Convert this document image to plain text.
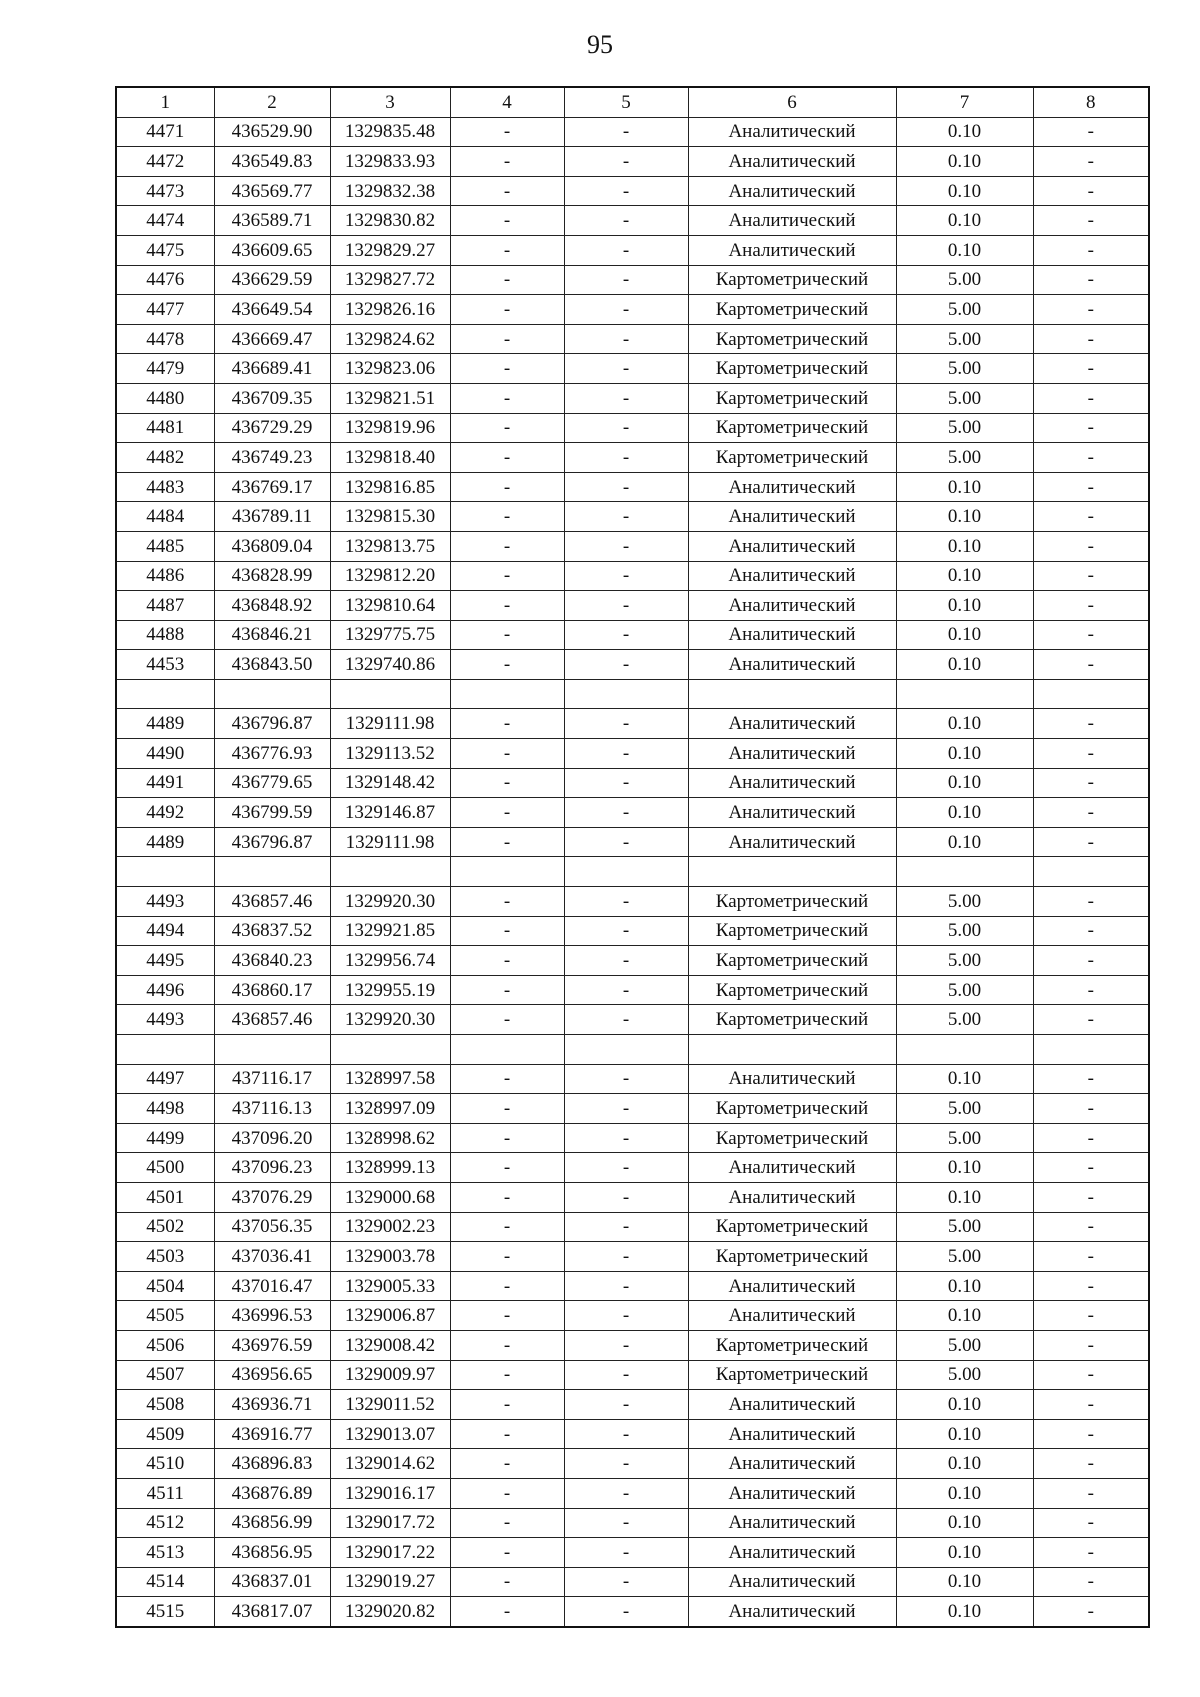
95
1	2	3	4	5	6	7	8
4471	436529.90	1329835.48	-	-	Аналитический	0.10	-
4472	436549.83	1329833.93	-	-	Аналитический	0.10	-
4473	436569.77	1329832.38	-	-	Аналитический	0.10	-
4474	436589.71	1329830.82	-	-	Аналитический	0.10	-
4475	436609.65	1329829.27	-	-	Аналитический	0.10	-
4476	436629.59	1329827.72	-	-	Картометрический	5.00	-
4477	436649.54	1329826.16	-	-	Картометрический	5.00	-
4478	436669.47	1329824.62	-	-	Картометрический	5.00	-
4479	436689.41	1329823.06	-	-	Картометрический	5.00	-
4480	436709.35	1329821.51	-	-	Картометрический	5.00	-
4481	436729.29	1329819.96	-	-	Картометрический	5.00	-
4482	436749.23	1329818.40	-	-	Картометрический	5.00	-
4483	436769.17	1329816.85	-	-	Аналитический	0.10	-
4484	436789.11	1329815.30	-	-	Аналитический	0.10	-
4485	436809.04	1329813.75	-	-	Аналитический	0.10	-
4486	436828.99	1329812.20	-	-	Аналитический	0.10	-
4487	436848.92	1329810.64	-	-	Аналитический	0.10	-
4488	436846.21	1329775.75	-	-	Аналитический	0.10	-
4453	436843.50	1329740.86	-	-	Аналитический	0.10	-

4489	436796.87	1329111.98	-	-	Аналитический	0.10	-
4490	436776.93	1329113.52	-	-	Аналитический	0.10	-
4491	436779.65	1329148.42	-	-	Аналитический	0.10	-
4492	436799.59	1329146.87	-	-	Аналитический	0.10	-
4489	436796.87	1329111.98	-	-	Аналитический	0.10	-

4493	436857.46	1329920.30	-	-	Картометрический	5.00	-
4494	436837.52	1329921.85	-	-	Картометрический	5.00	-
4495	436840.23	1329956.74	-	-	Картометрический	5.00	-
4496	436860.17	1329955.19	-	-	Картометрический	5.00	-
4493	436857.46	1329920.30	-	-	Картометрический	5.00	-

4497	437116.17	1328997.58	-	-	Аналитический	0.10	-
4498	437116.13	1328997.09	-	-	Картометрический	5.00	-
4499	437096.20	1328998.62	-	-	Картометрический	5.00	-
4500	437096.23	1328999.13	-	-	Аналитический	0.10	-
4501	437076.29	1329000.68	-	-	Аналитический	0.10	-
4502	437056.35	1329002.23	-	-	Картометрический	5.00	-
4503	437036.41	1329003.78	-	-	Картометрический	5.00	-
4504	437016.47	1329005.33	-	-	Аналитический	0.10	-
4505	436996.53	1329006.87	-	-	Аналитический	0.10	-
4506	436976.59	1329008.42	-	-	Картометрический	5.00	-
4507	436956.65	1329009.97	-	-	Картометрический	5.00	-
4508	436936.71	1329011.52	-	-	Аналитический	0.10	-
4509	436916.77	1329013.07	-	-	Аналитический	0.10	-
4510	436896.83	1329014.62	-	-	Аналитический	0.10	-
4511	436876.89	1329016.17	-	-	Аналитический	0.10	-
4512	436856.99	1329017.72	-	-	Аналитический	0.10	-
4513	436856.95	1329017.22	-	-	Аналитический	0.10	-
4514	436837.01	1329019.27	-	-	Аналитический	0.10	-
4515	436817.07	1329020.82	-	-	Аналитический	0.10	-
